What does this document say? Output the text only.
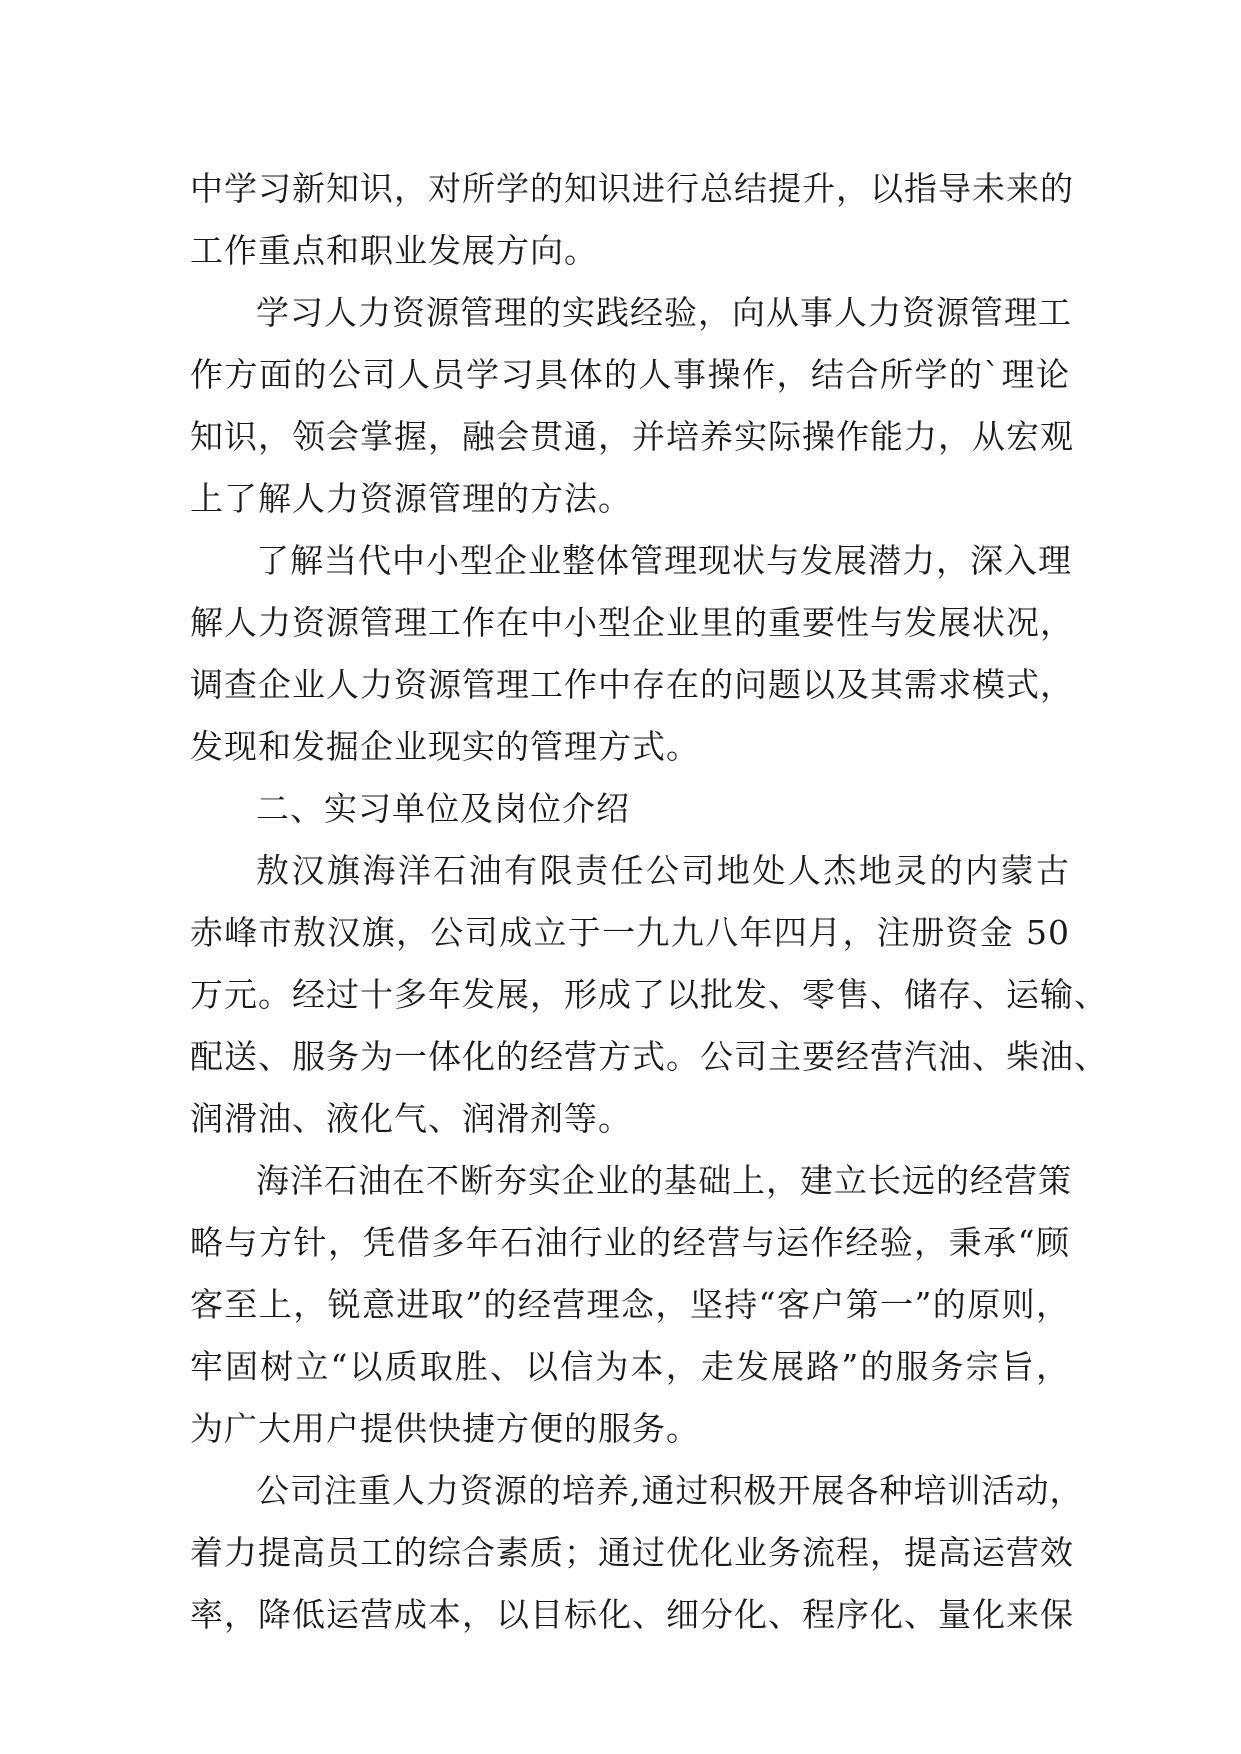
中学习新知识，对所学的知识进行总结提升，以指导未来的
工作重点和职业发展方向。
学习人力资源管理的实践经验，向从事人力资源管理工
作方面的公司人员学习具体的人事操作，结合所学的`理论
知识，领会掌握，融会贯通，并培养实际操作能力，从宏观
上了解人力资源管理的方法。
了解当代中小型企业整体管理现状与发展潜力，深入理
解人力资源管理工作在中小型企业里的重要性与发展状况，
调查企业人力资源管理工作中存在的问题以及其需求模式，
发现和发掘企业现实的管理方式。
二、实习单位及岗位介绍
敖汉旗海洋石油有限责任公司地处人杰地灵的内蒙古
赤峰市敖汉旗，公司成立于一九九八年四月，注册资金 50
万元。经过十多年发展，形成了以批发、零售、储存、运输、
配送、服务为一体化的经营方式。公司主要经营汽油、柴油、
润滑油、液化气、润滑剂等。
海洋石油在不断夯实企业的基础上，建立长远的经营策
略与方针，凭借多年石油行业的经营与运作经验，秉承“顾
客至上，锐意进取”的经营理念，坚持“客户第一”的原则，
牢固树立“以质取胜、以信为本，走发展路”的服务宗旨，
为广大用户提供快捷方便的服务。
公司注重人力资源的培养,通过积极开展各种培训活动，
着力提高员工的综合素质；通过优化业务流程，提高运营效
率，降低运营成本，以目标化、细分化、程序化、量化来保
